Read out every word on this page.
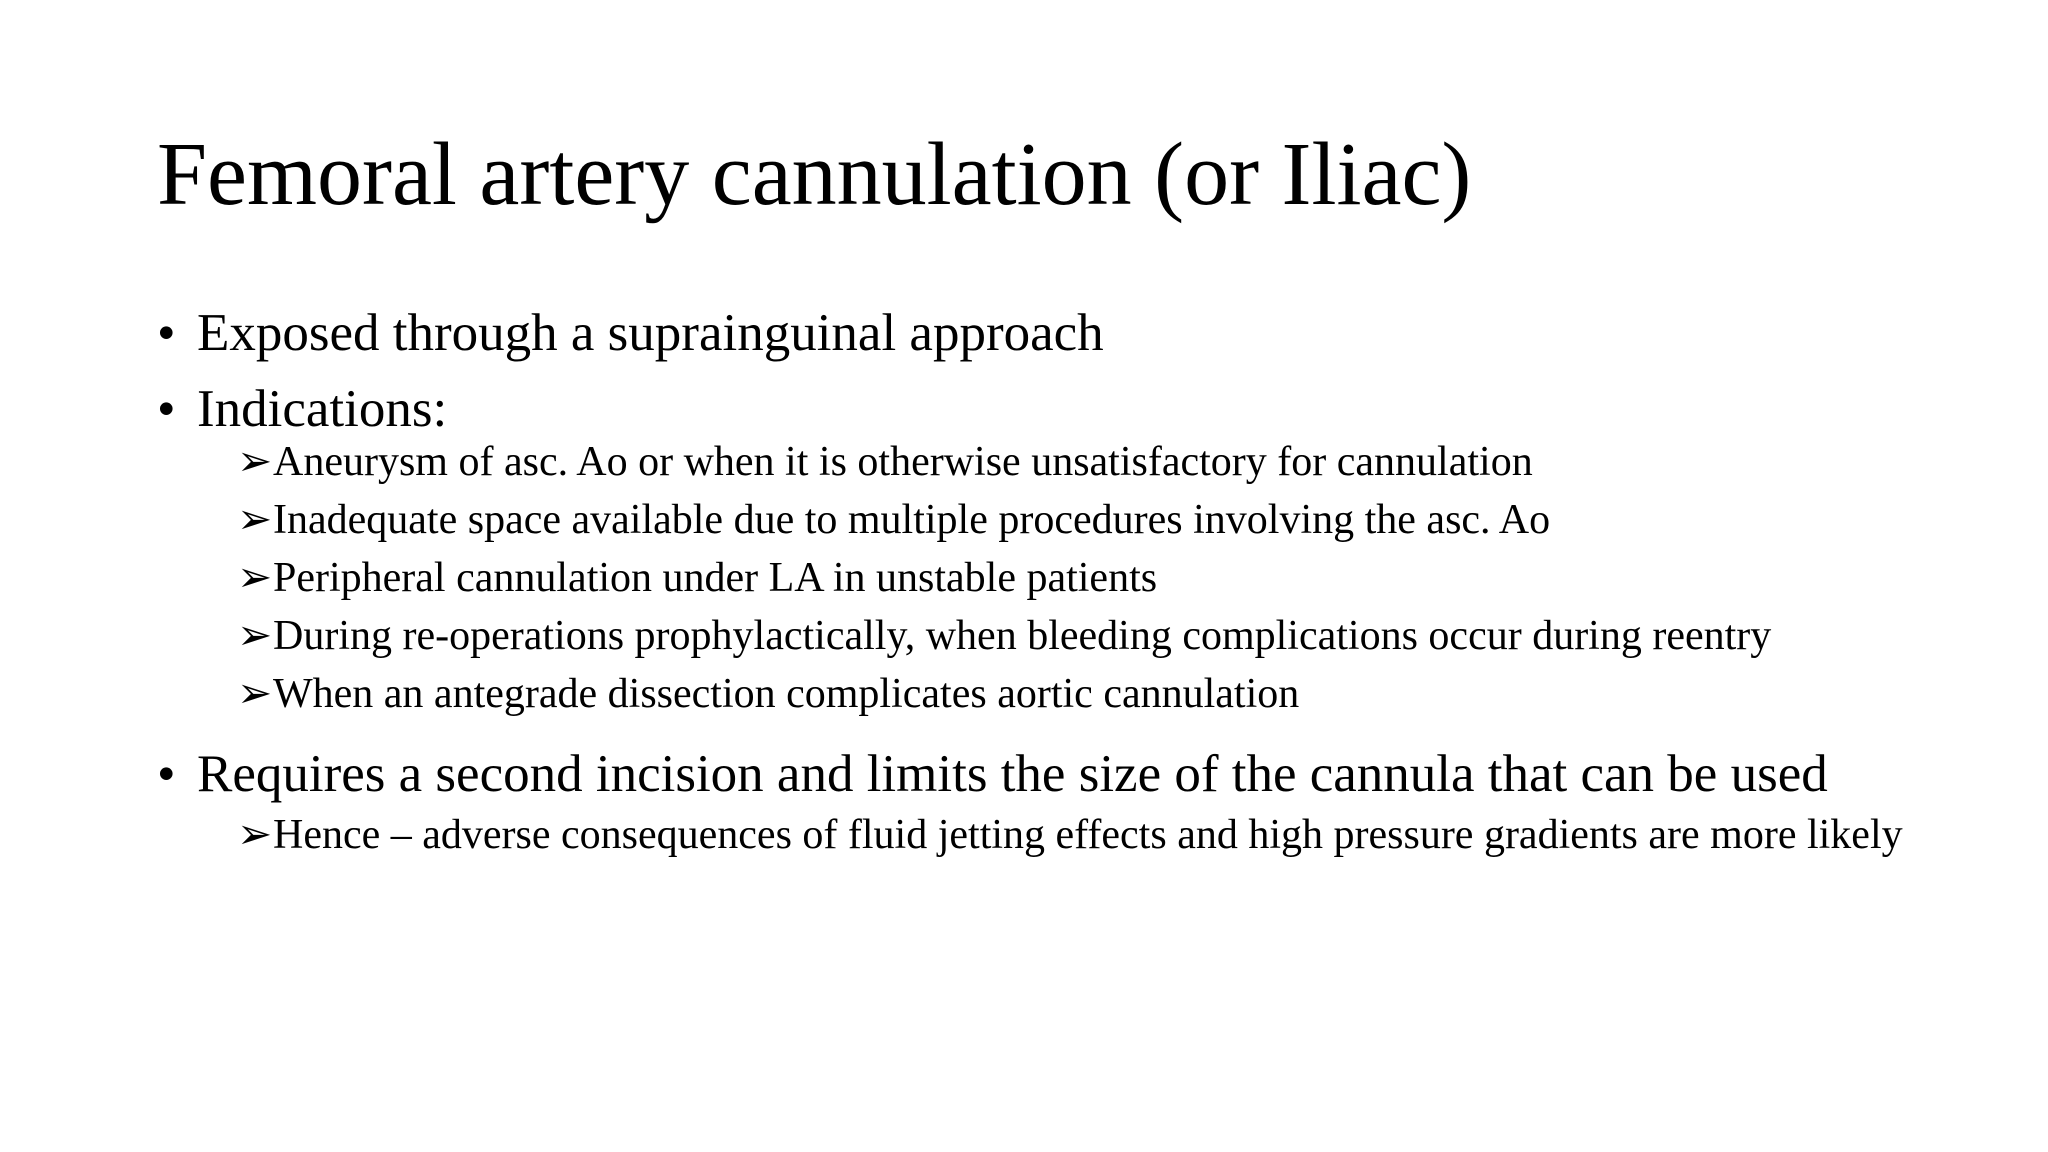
Femoral artery cannulation (or Iliac)
• Exposed through a suprainguinal approach
• Indications:
➢ Aneurysm of asc. Ao or when it is otherwise unsatisfactory for cannulation
➢ Inadequate space available due to multiple procedures involving the asc. Ao
➢ Peripheral cannulation under LA in unstable patients
➢ During re-operations prophylactically, when bleeding complications occur during reentry
➢ When an antegrade dissection complicates aortic cannulation
• Requires a second incision and limits the size of the cannula that can be used
➢ Hence – adverse consequences of fluid jetting effects and high pressure gradients are more likely
